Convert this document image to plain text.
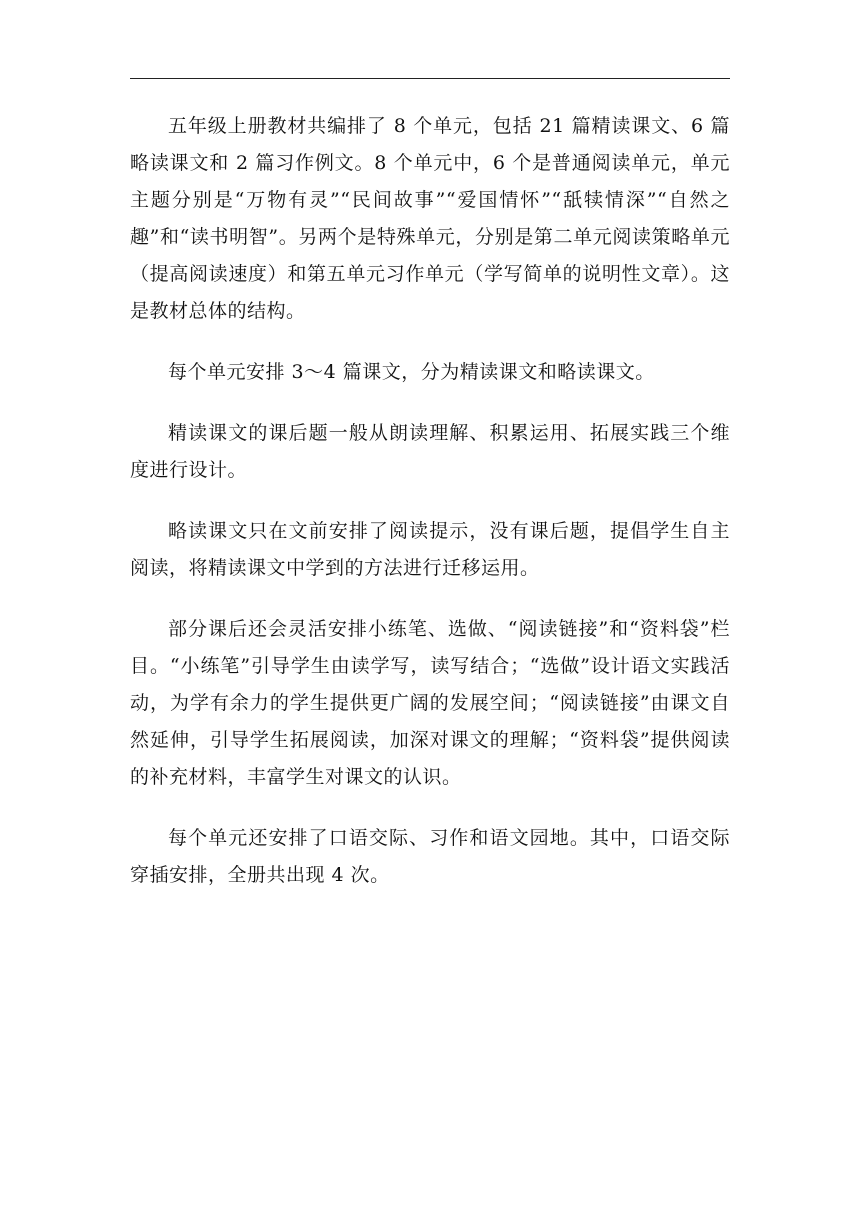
五年级上册教材共编排了 8 个单元，包括 21 篇精读课文、6 篇略读课文和 2 篇习作例文。8 个单元中，6 个是普通阅读单元，单元主题分别是“万物有灵”“民间故事”“爱国情怀”“舐犊情深”“自然之趣”和“读书明智”。另两个是特殊单元，分别是第二单元阅读策略单元（提高阅读速度）和第五单元习作单元（学写简单的说明性文章）。这是教材总体的结构。

每个单元安排 3～4 篇课文，分为精读课文和略读课文。

精读课文的课后题一般从朗读理解、积累运用、拓展实践三个维度进行设计。

略读课文只在文前安排了阅读提示，没有课后题，提倡学生自主阅读，将精读课文中学到的方法进行迁移运用。

部分课后还会灵活安排小练笔、选做、“阅读链接”和“资料袋”栏目。“小练笔”引导学生由读学写，读写结合；“选做”设计语文实践活动，为学有余力的学生提供更广阔的发展空间；“阅读链接”由课文自然延伸，引导学生拓展阅读，加深对课文的理解；“资料袋”提供阅读的补充材料，丰富学生对课文的认识。

每个单元还安排了口语交际、习作和语文园地。其中，口语交际穿插安排，全册共出现 4 次。
